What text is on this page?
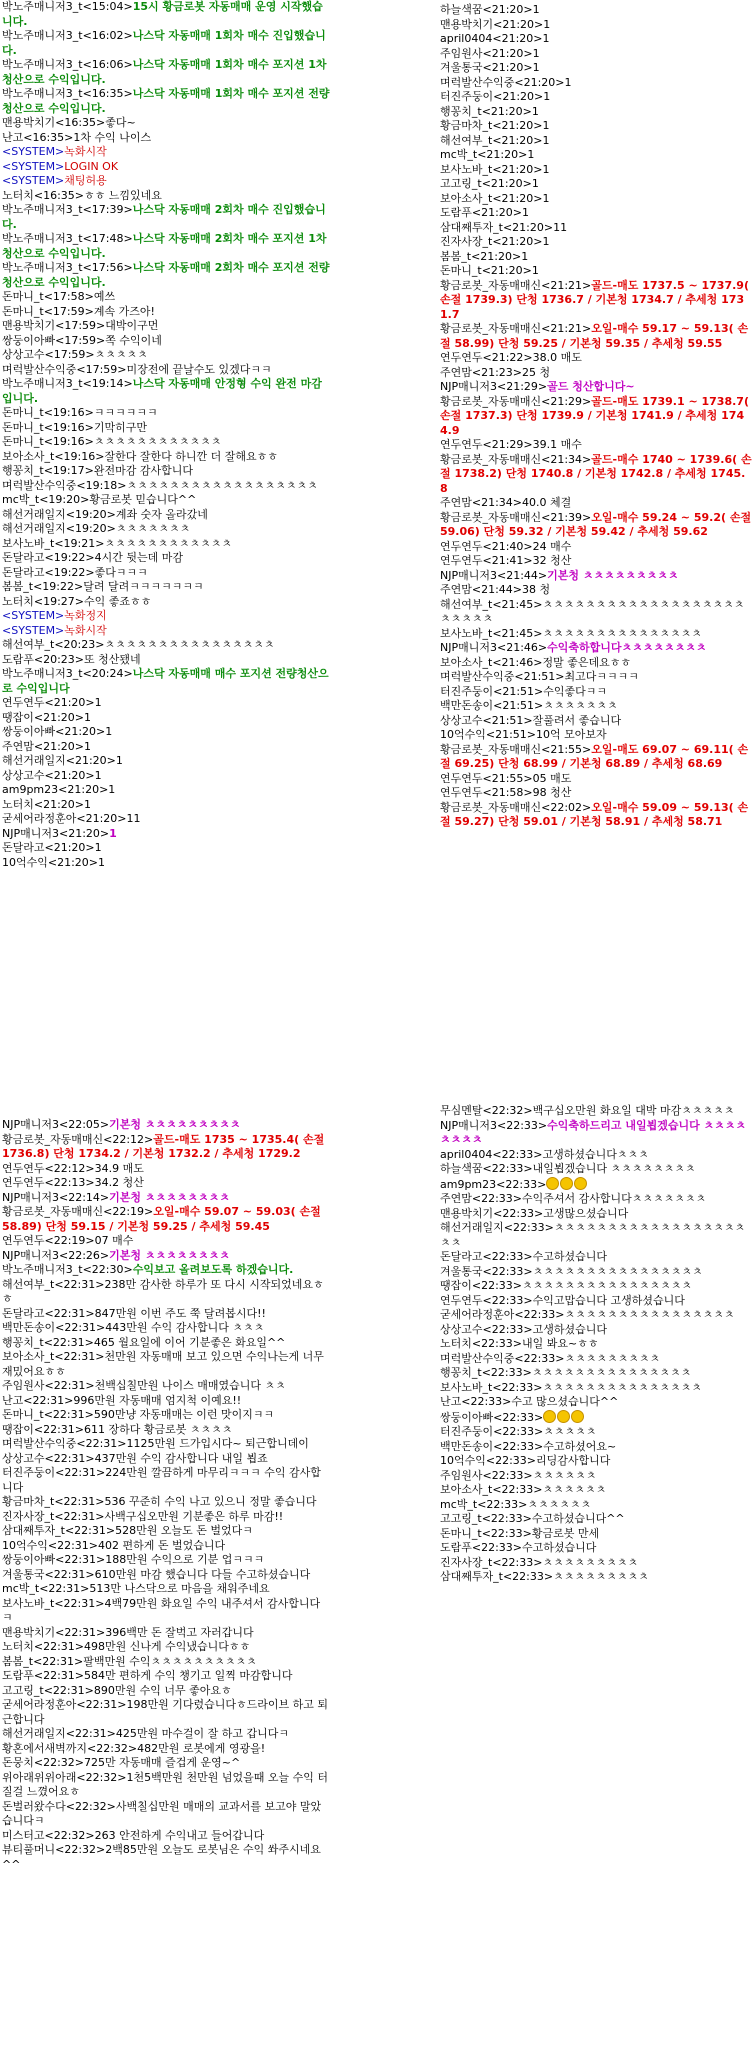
박노주매니저3_t<15:04>15시 황금로봇 자동매매 운영 시작했습니다.
박노주매니저3_t<16:02>나스닥 자동매매 1회차 매수 진입했습니다.
박노주매니저3_t<16:06>나스닥 자동매매 1회차 매수 포지션 1차 청산으로 수익입니다.
박노주매니저3_t<16:35>나스닥 자동매매 1회차 매수 포지션 전량 청산으로 수익입니다.
맨용박치기<16:35>좋다~
난고<16:35>1차 수익 나이스
<SYSTEM>녹화시작
<SYSTEM>LOGIN OK
<SYSTEM>채팅허용
노터치<16:35>ㅎㅎ 느낌있네요
박노주매니저3_t<17:39>나스닥 자동매매 2회차 매수 진입했습니다.
박노주매니저3_t<17:48>나스닥 자동매매 2회차 매수 포지션 1차 청산으로 수익입니다.
박노주매니저3_t<17:56>나스닥 자동매매 2회차 매수 포지션 전량 청산으로 수익입니다.
돈마니_t<17:58>예쓰
돈마니_t<17:59>계속 가즈아!
맨용박치기<17:59>대박이구먼
쌍둥이아빠<17:59>쪽 수익이네
상상고수<17:59>ㅊㅊㅊㅊㅊ
며럭발산수익중<17:59>미장전에 끝날수도 있겠다ㅋㅋ
박노주매니저3_t<19:14>나스닥 자동매매 안정형 수익 완전 마감입니다.
돈마니_t<19:16>ㅋㅋㅋㅋㅋㅋ
돈마니_t<19:16>기막히구만
돈마니_t<19:16>ㅊㅊㅊㅊㅊㅊㅊㅊㅊㅊㅊㅊ
보아소사_t<19:16>잘한다 잘한다 하니깐 더 잘해요ㅎㅎ
행꽁치_t<19:17>완전마감 감사합니다
며럭발산수익중<19:18>ㅊㅊㅊㅊㅊㅊㅊㅊㅊㅊㅊㅊㅊㅊㅊㅊㅊㅊ
mc박_t<19:20>황금로봇 믿습니다^^
해선거래일지<19:20>계좌 숫자 올라갔네
해선거래일지<19:20>ㅊㅊㅊㅊㅊㅊㅊ
보사노바_t<19:21>ㅊㅊㅊㅊㅊㅊㅊㅊㅊㅊㅊㅊ
돈달라고<19:22>4시간 뒷는데 마감
돈달라고<19:22>좋다ㅋㅋㅋ
봄봄_t<19:22>달려 달려ㅋㅋㅋㅋㅋㅋㅋ
노터치<19:27>수익 좋죠ㅎㅎ
<SYSTEM>녹화정지
<SYSTEM>녹화시작
해선여부_t<20:23>ㅊㅊㅊㅊㅊㅊㅊㅊㅊㅊㅊㅊㅊㅊㅊㅊ
도람푸<20:23>또 청산됐네
박노주매니저3_t<20:24>나스닥 자동매매 매수 포지션 전량청산으로 수익입니다
연두연두<21:20>1
땡잡이<21:20>1
쌍둥이아빠<21:20>1
주연맘<21:20>1
해선거래일지<21:20>1
상상고수<21:20>1
am9pm23<21:20>1
노터치<21:20>1
굳세어라정훈아<21:20>11
NJP매니저3<21:20>1
돈달라고<21:20>1
10억수익<21:20>1
하늘색꿈<21:20>1
맨용박치기<21:20>1
april0404<21:20>1
주임원사<21:20>1
겨울통국<21:20>1
며럭발산수익중<21:20>1
터진주둥이<21:20>1
행꽁치_t<21:20>1
황금마차_t<21:20>1
해선여부_t<21:20>1
mc박_t<21:20>1
보사노바_t<21:20>1
고고링_t<21:20>1
보아소사_t<21:20>1
도람푸<21:20>1
삼대째투자_t<21:20>11
진자사장_t<21:20>1
봄봄_t<21:20>1
돈마니_t<21:20>1
황금로봇_자동매매신<21:21>골드-매도 1737.5 ~ 1737.9( 손절 1739.3) 단청 1736.7 / 기본청 1734.7 / 추세청 1731.7
황금로봇_자동매매신<21:21>오일-매수 59.17 ~ 59.13( 손절 58.99) 단청 59.25 / 기본청 59.35 / 추세청 59.55
연두연두<21:22>38.0 매도
주연맘<21:23>25 청
NJP매니저3<21:29>골드 청산합니다~
황금로봇_자동매매신<21:29>골드-매도 1739.1 ~ 1738.7( 손절 1737.3) 단청 1739.9 / 기본청 1741.9 / 추세청 1744.9
연두연두<21:29>39.1 매수
황금로봇_자동매매신<21:34>골드-매수 1740 ~ 1739.6( 손절 1738.2) 단청 1740.8 / 기본청 1742.8 / 추세청 1745.8
주연맘<21:34>40.0 체결
황금로봇_자동매매신<21:39>오일-매수 59.24 ~ 59.2( 손절 59.06) 단청 59.32 / 기본청 59.42 / 추세청 59.62
연두연두<21:40>24 매수
연두연두<21:41>32 청산
NJP매니저3<21:44>기본청 ㅊㅊㅊㅊㅊㅊㅊㅊㅊ
주연맘<21:44>38 청
해선여부_t<21:45>ㅊㅊㅊㅊㅊㅊㅊㅊㅊㅊㅊㅊㅊㅊㅊㅊㅊㅊㅊㅊㅊㅊㅊㅊ
보사노바_t<21:45>ㅊㅊㅊㅊㅊㅊㅊㅊㅊㅊㅊㅊㅊㅊㅊ
NJP매니저3<21:46>수익축하합니다ㅊㅊㅊㅊㅊㅊㅊㅊ
보아소사_t<21:46>정말 좋은데요ㅎㅎ
며럭발산수익중<21:51>최고다ㅋㅋㅋㅋ
터진주둥이<21:51>수익좋다ㅋㅋ
백만돈송이<21:51>ㅊㅊㅊㅊㅊㅊㅊ
상상고수<21:51>잘풀려서 좋습니다
10억수익<21:51>10억 모아보자
황금로봇_자동매매신<21:55>오일-매도 69.07 ~ 69.11( 손절 69.25) 단청 68.99 / 기본청 68.89 / 추세청 68.69
연두연두<21:55>05 매도
연두연두<21:58>98 청산
황금로봇_자동매매신<22:02>오일-매수 59.09 ~ 59.13( 손절 59.27) 단청 59.01 / 기본청 58.91 / 추세청 58.71
NJP매니저3<22:05>기본청 ㅊㅊㅊㅊㅊㅊㅊㅊㅊ
황금로봇_자동매매신<22:12>골드-매도 1735 ~ 1735.4( 손절 1736.8) 단청 1734.2 / 기본청 1732.2 / 추세청 1729.2
연두연두<22:12>34.9 매도
연두연두<22:13>34.2 청산
NJP매니저3<22:14>기본청 ㅊㅊㅊㅊㅊㅊㅊㅊ
황금로봇_자동매매신<22:19>오일-매수 59.07 ~ 59.03( 손절 58.89) 단청 59.15 / 기본청 59.25 / 추세청 59.45
연두연두<22:19>07 매수
NJP매니저3<22:26>기본청 ㅊㅊㅊㅊㅊㅊㅊㅊ
박노주매니저3_t<22:30>수익보고 올려보도록 하겠습니다.
해선여부_t<22:31>238만 감사한 하루가 또 다시 시작되었네요ㅎㅎ
돈달라고<22:31>847만원 이번 주도 쭉 달려봅시다!!
백만돈송이<22:31>443만원 수익 감사합니다 ㅊㅊㅊ
행꽁치_t<22:31>465 월요일에 이어 기분좋은 화요일^^
보아소사_t<22:31>천만원 자동매매 보고 있으면 수익나는게 너무 재밌어요ㅎㅎ
주임원사<22:31>천백십칠만원 나이스 매매였습니다 ㅊㅊ
난고<22:31>996만원 자동매매 엄지척 이예요!!
돈마니_t<22:31>590만냥 자동매매는 이런 맛이지ㅋㅋ
땡잡이<22:31>611 장하다 황금로봇 ㅊㅊㅊㅊ
며럭발산수익중<22:31>1125만원 드가입시다~ 퇴근합니데이
상상고수<22:31>437만원 수익 감사합니다 내일 뵙죠
터진주둥이<22:31>224만원 깔끔하게 마무리ㅋㅋㅋ 수익 감사합니다
황금마차_t<22:31>536 꾸준히 수익 나고 있으니 정말 좋습니다
진자사장_t<22:31>사백구십오만원 기분좋은 하루 마감!!
삼대째투자_t<22:31>528만원 오늘도 돈 벌었다ㅋ
10억수익<22:31>402 편하게 돈 벌었습니다
쌍둥이아빠<22:31>188만원 수익으로 기분 업ㅋㅋㅋ
겨울통국<22:31>610만원 마감 했습니다 다들 수고하셨습니다
mc박_t<22:31>513만 나스닥으로 마음을 채워주네요
보사노바_t<22:31>4백79만원 화요일 수익 내주셔서 감사합니다ㅋ
맨용박치기<22:31>396백만 돈 잘벅고 자러갑니다
노터치<22:31>498만원 신나게 수익냈습니다ㅎㅎ
봄봄_t<22:31>팔백만원 수익ㅊㅊㅊㅊㅊㅊㅊㅊㅊㅊ
도람푸<22:31>584만 편하게 수익 챙기고 일찍 마감합니다
고고링_t<22:31>890만원 수익 너무 좋아요ㅎ
굳세어라정훈아<22:31>198만원 기다렸습니다ㅎ드라이브 하고 퇴근합니다
해선거래일지<22:31>425만원 마수걸이 잘 하고 갑니다ㅋ
황혼에서새벽까지<22:32>482만원 로봇에게 영광을!
돈뭉치<22:32>725만 자동매매 즐겁게 운영~^
위아래위위아래<22:32>1천5백만원 천만원 넘었을때 오늘 수익 터질걸 느꼈어요ㅎ
돈벌러왔수다<22:32>사백칠십만원 매매의 교과서를 보고야 말았습니다ㅋ
미스터고<22:32>263 안전하게 수익내고 들어갑니다
뷰티풀머니<22:32>2백85만원 오늘도 로봇님은 수익 쏴주시네요^^
무심멘탈<22:32>백구십오만원 화요일 대박 마감ㅊㅊㅊㅊㅊ
NJP매니저3<22:33>수익축하드리고 내일뵙겠습니다 ㅊㅊㅊㅊㅊㅊㅊㅊ
april0404<22:33>고생하셨습니다ㅊㅊㅊ
하늘색꿈<22:33>내일뵙겠습니다 ㅊㅊㅊㅊㅊㅊㅊㅊ
am9pm23<22:33>
주연맘<22:33>수익주셔서 감사합니다ㅊㅊㅊㅊㅊㅊㅊ
맨용박치기<22:33>고생많으셨습니다
해선거래일지<22:33>ㅊㅊㅊㅊㅊㅊㅊㅊㅊㅊㅊㅊㅊㅊㅊㅊㅊㅊㅊㅊ
돈달라고<22:33>수고하셨습니다
겨울통국<22:33>ㅊㅊㅊㅊㅊㅊㅊㅊㅊㅊㅊㅊㅊㅊㅊㅊ
땡잡이<22:33>ㅊㅊㅊㅊㅊㅊㅊㅊㅊㅊㅊㅊㅊㅊㅊㅊ
연두연두<22:33>수익고맙습니다 고생하셨습니다
굳세어라정훈아<22:33>ㅊㅊㅊㅊㅊㅊㅊㅊㅊㅊㅊㅊㅊㅊㅊㅊ
상상고수<22:33>고생하셨습니다
노터치<22:33>내일 봐요~ㅎㅎ
며럭발산수익중<22:33>ㅊㅊㅊㅊㅊㅊㅊㅊㅊ
행꽁치_t<22:33>ㅊㅊㅊㅊㅊㅊㅊㅊㅊㅊㅊㅊㅊㅊㅊ
보사노바_t<22:33>ㅊㅊㅊㅊㅊㅊㅊㅊㅊㅊㅊㅊㅊㅊㅊ
난고<22:33>수고 많으셨습니다^^
쌍둥이아빠<22:33>
터진주둥이<22:33>ㅊㅊㅊㅊㅊ
백만돈송이<22:33>수고하셨어요~
10억수익<22:33>리딩감사합니다
주임원사<22:33>ㅊㅊㅊㅊㅊㅊ
보아소사_t<22:33>ㅊㅊㅊㅊㅊㅊ
mc박_t<22:33>ㅊㅊㅊㅊㅊㅊ
고고링_t<22:33>수고하셨습니다^^
돈마니_t<22:33>황금로봇 만세
도람푸<22:33>수고하셨습니다
진자사장_t<22:33>ㅊㅊㅊㅊㅊㅊㅊㅊㅊ
삼대째투자_t<22:33>ㅊㅊㅊㅊㅊㅊㅊㅊㅊ
